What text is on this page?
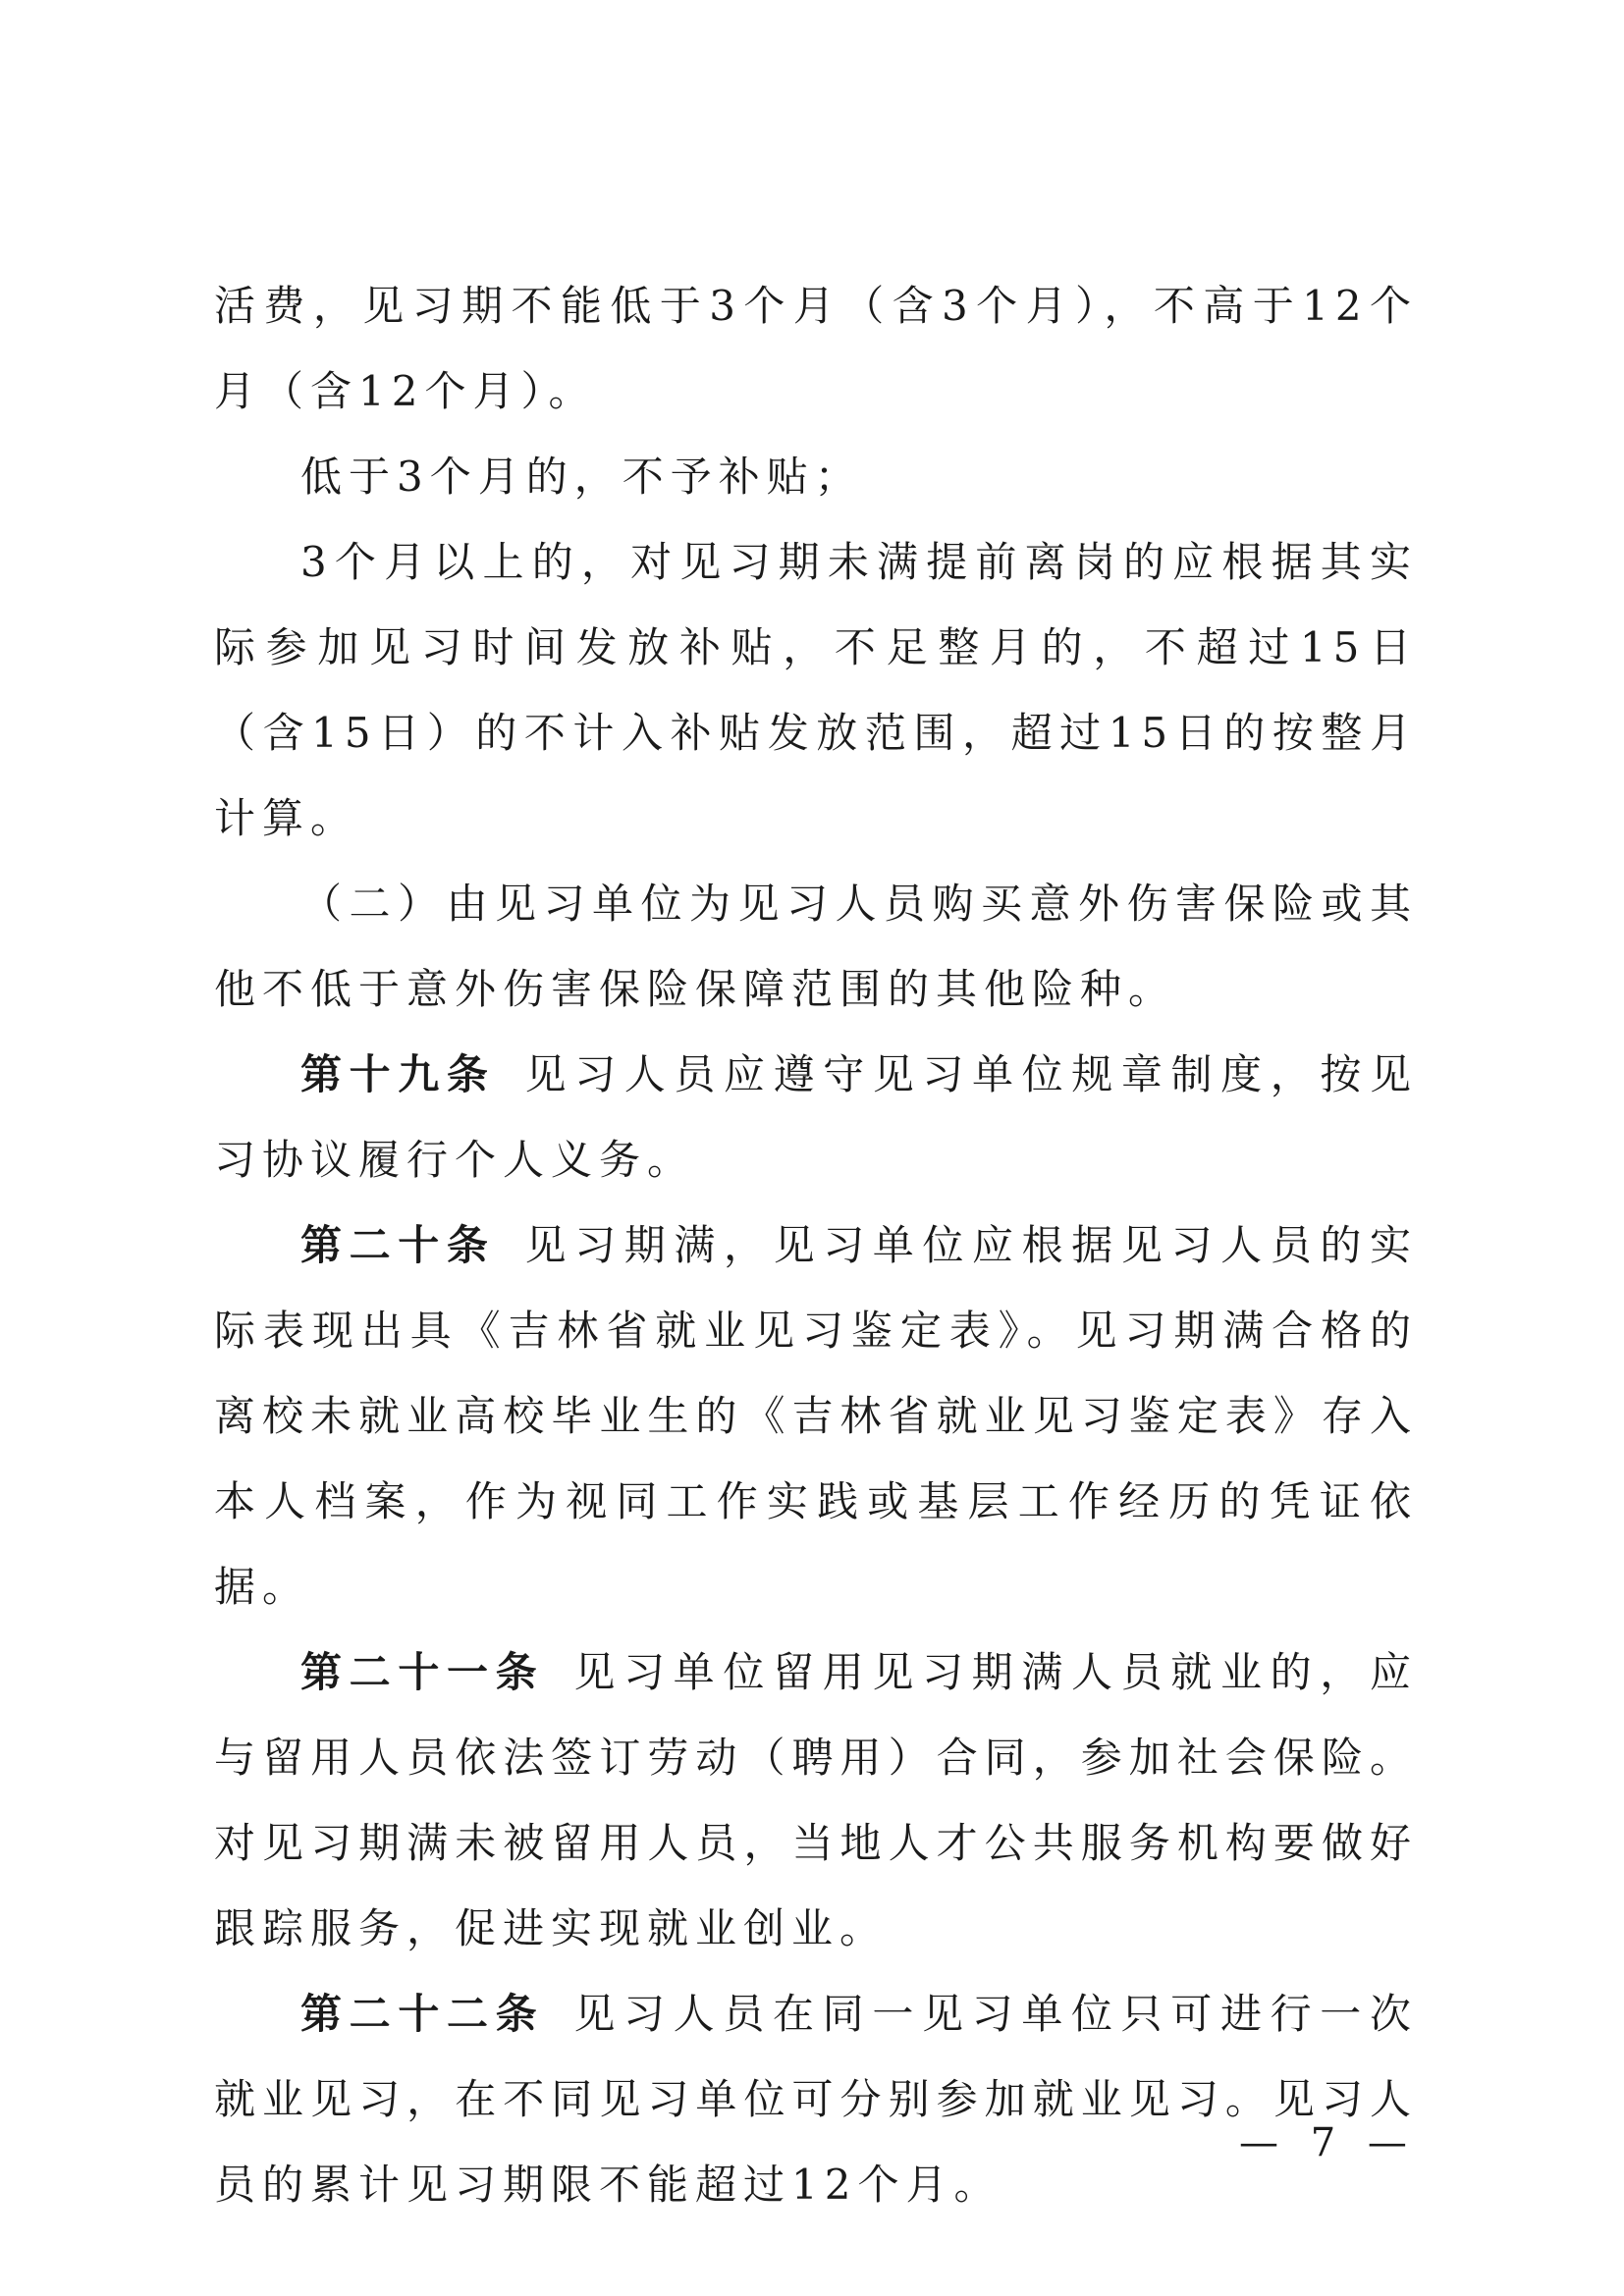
活费，见习期不能低于3个月（含3个月），不高于12个月（含12个月）。

低于3个月的，不予补贴；

3个月以上的，对见习期未满提前离岗的应根据其实际参加见习时间发放补贴，不足整月的，不超过15日（含15日）的不计入补贴发放范围，超过15日的按整月计算。

（二）由见习单位为见习人员购买意外伤害保险或其他不低于意外伤害保险保障范围的其他险种。

第十九条 见习人员应遵守见习单位规章制度，按见习协议履行个人义务。

第二十条 见习期满，见习单位应根据见习人员的实际表现出具《吉林省就业见习鉴定表》。见习期满合格的离校未就业高校毕业生的《吉林省就业见习鉴定表》存入本人档案，作为视同工作实践或基层工作经历的凭证依据。

第二十一条 见习单位留用见习期满人员就业的，应与留用人员依法签订劳动（聘用）合同，参加社会保险。对见习期满未被留用人员，当地人才公共服务机构要做好跟踪服务，促进实现就业创业。

第二十二条 见习人员在同一见习单位只可进行一次就业见习，在不同见习单位可分别参加就业见习。见习人员的累计见习期限不能超过12个月。

— 7 —
